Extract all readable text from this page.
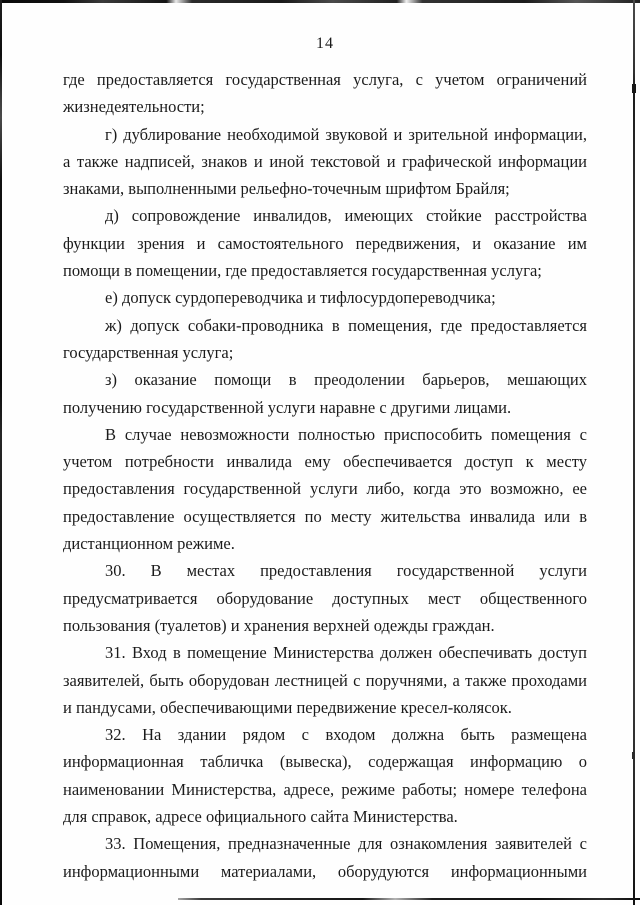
14

где предоставляется государственная услуга, с учетом ограничений жизнедеятельности;

г) дублирование необходимой звуковой и зрительной информации, а также надписей, знаков и иной текстовой и графической информации знаками, выполненными рельефно-точечным шрифтом Брайля;

д) сопровождение инвалидов, имеющих стойкие расстройства функции зрения и самостоятельного передвижения, и оказание им помощи в помещении, где предоставляется государственная услуга;

е) допуск сурдопереводчика и тифлосурдопереводчика;

ж) допуск собаки-проводника в помещения, где предоставляется государственная услуга;

з) оказание помощи в преодолении барьеров, мешающих получению государственной услуги наравне с другими лицами.

В случае невозможности полностью приспособить помещения с учетом потребности инвалида ему обеспечивается доступ к месту предоставления государственной услуги либо, когда это возможно, ее предоставление осуществляется по месту жительства инвалида или в дистанционном режиме.

30. В местах предоставления государственной услуги предусматривается оборудование доступных мест общественного пользования (туалетов) и хранения верхней одежды граждан.

31. Вход в помещение Министерства должен обеспечивать доступ заявителей, быть оборудован лестницей с поручнями, а также проходами и пандусами, обеспечивающими передвижение кресел-колясок.

32. На здании рядом с входом должна быть размещена информационная табличка (вывеска), содержащая информацию о наименовании Министерства, адресе, режиме работы; номере телефона для справок, адресе официального сайта Министерства.

33. Помещения, предназначенные для ознакомления заявителей с информационными материалами, оборудуются информационными
